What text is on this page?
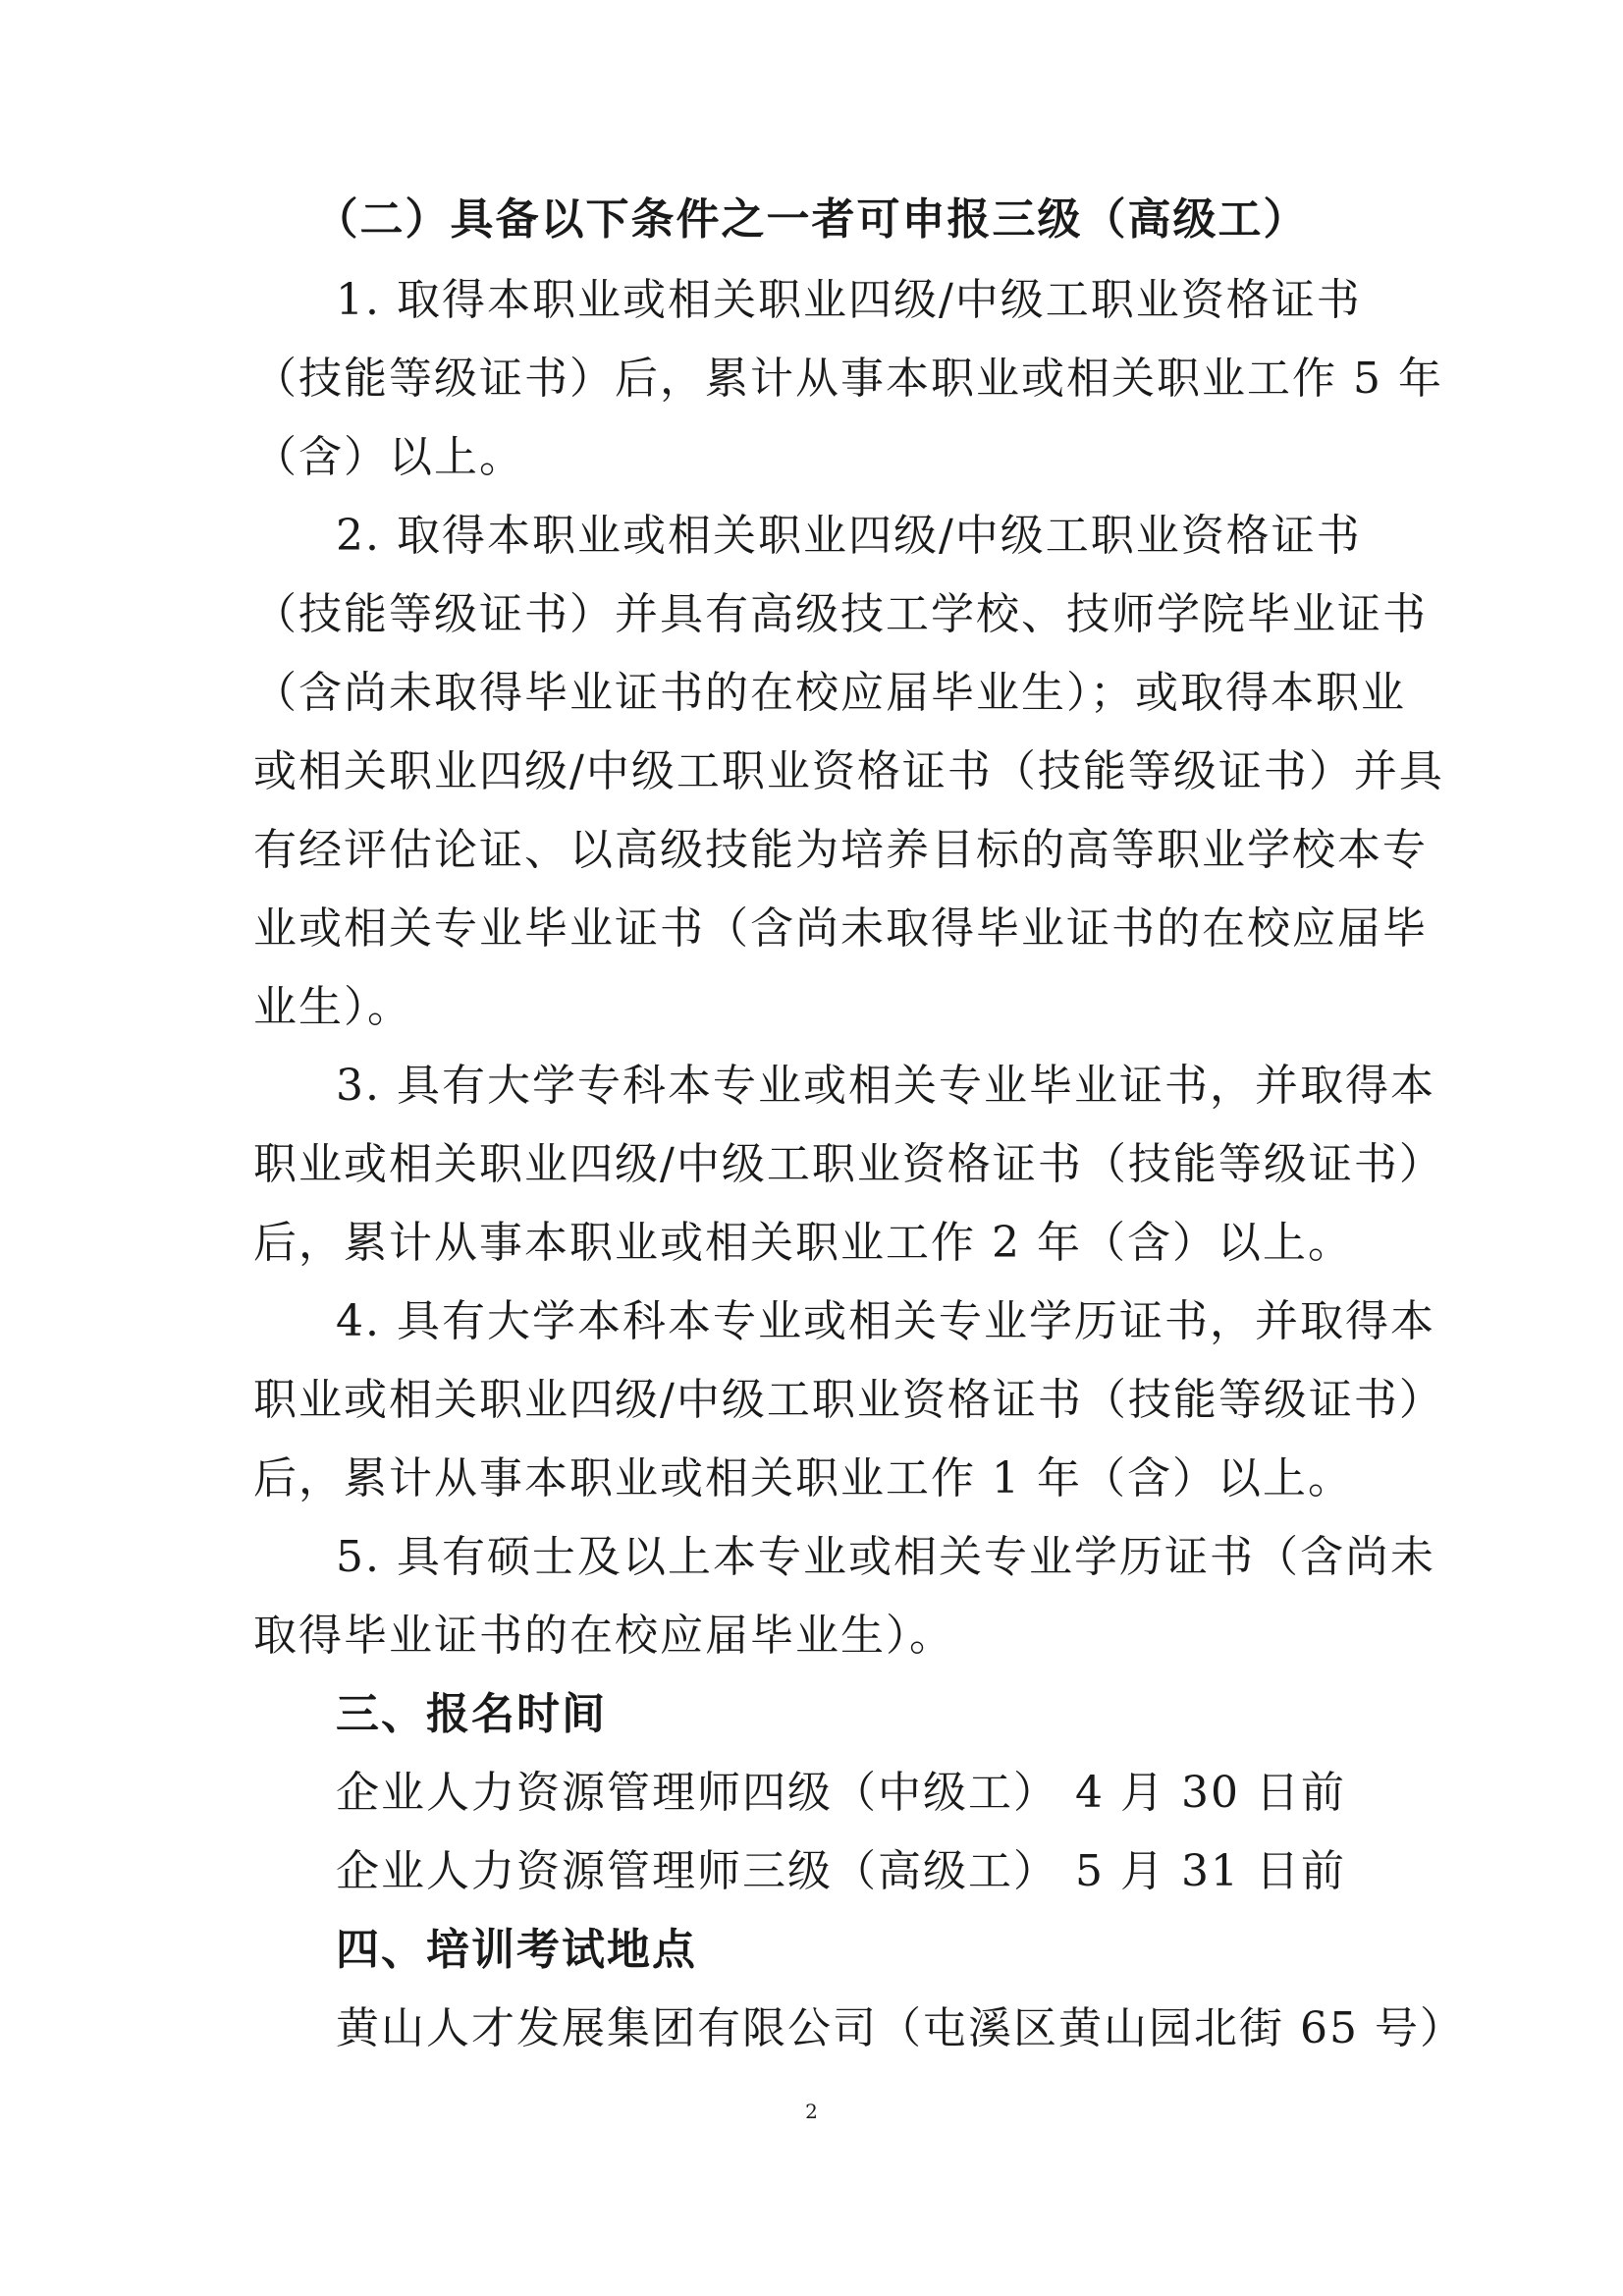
（二）具备以下条件之一者可申报三级（高级工）
1. 取得本职业或相关职业四级/中级工职业资格证书
（技能等级证书）后，累计从事本职业或相关职业工作 5 年
（含）以上。
2. 取得本职业或相关职业四级/中级工职业资格证书
（技能等级证书）并具有高级技工学校、技师学院毕业证书
（含尚未取得毕业证书的在校应届毕业生）；或取得本职业
或相关职业四级/中级工职业资格证书（技能等级证书）并具
有经评估论证、以高级技能为培养目标的高等职业学校本专
业或相关专业毕业证书（含尚未取得毕业证书的在校应届毕
业生）。
3. 具有大学专科本专业或相关专业毕业证书，并取得本
职业或相关职业四级/中级工职业资格证书（技能等级证书）
后，累计从事本职业或相关职业工作 2 年（含）以上。
4. 具有大学本科本专业或相关专业学历证书，并取得本
职业或相关职业四级/中级工职业资格证书（技能等级证书）
后，累计从事本职业或相关职业工作 1 年（含）以上。
5. 具有硕士及以上本专业或相关专业学历证书（含尚未
取得毕业证书的在校应届毕业生）。
三、报名时间
企业人力资源管理师四级（中级工） 4 月 30 日前
企业人力资源管理师三级（高级工） 5 月 31 日前
四、培训考试地点
黄山人才发展集团有限公司（屯溪区黄山园北街 65 号）
2
